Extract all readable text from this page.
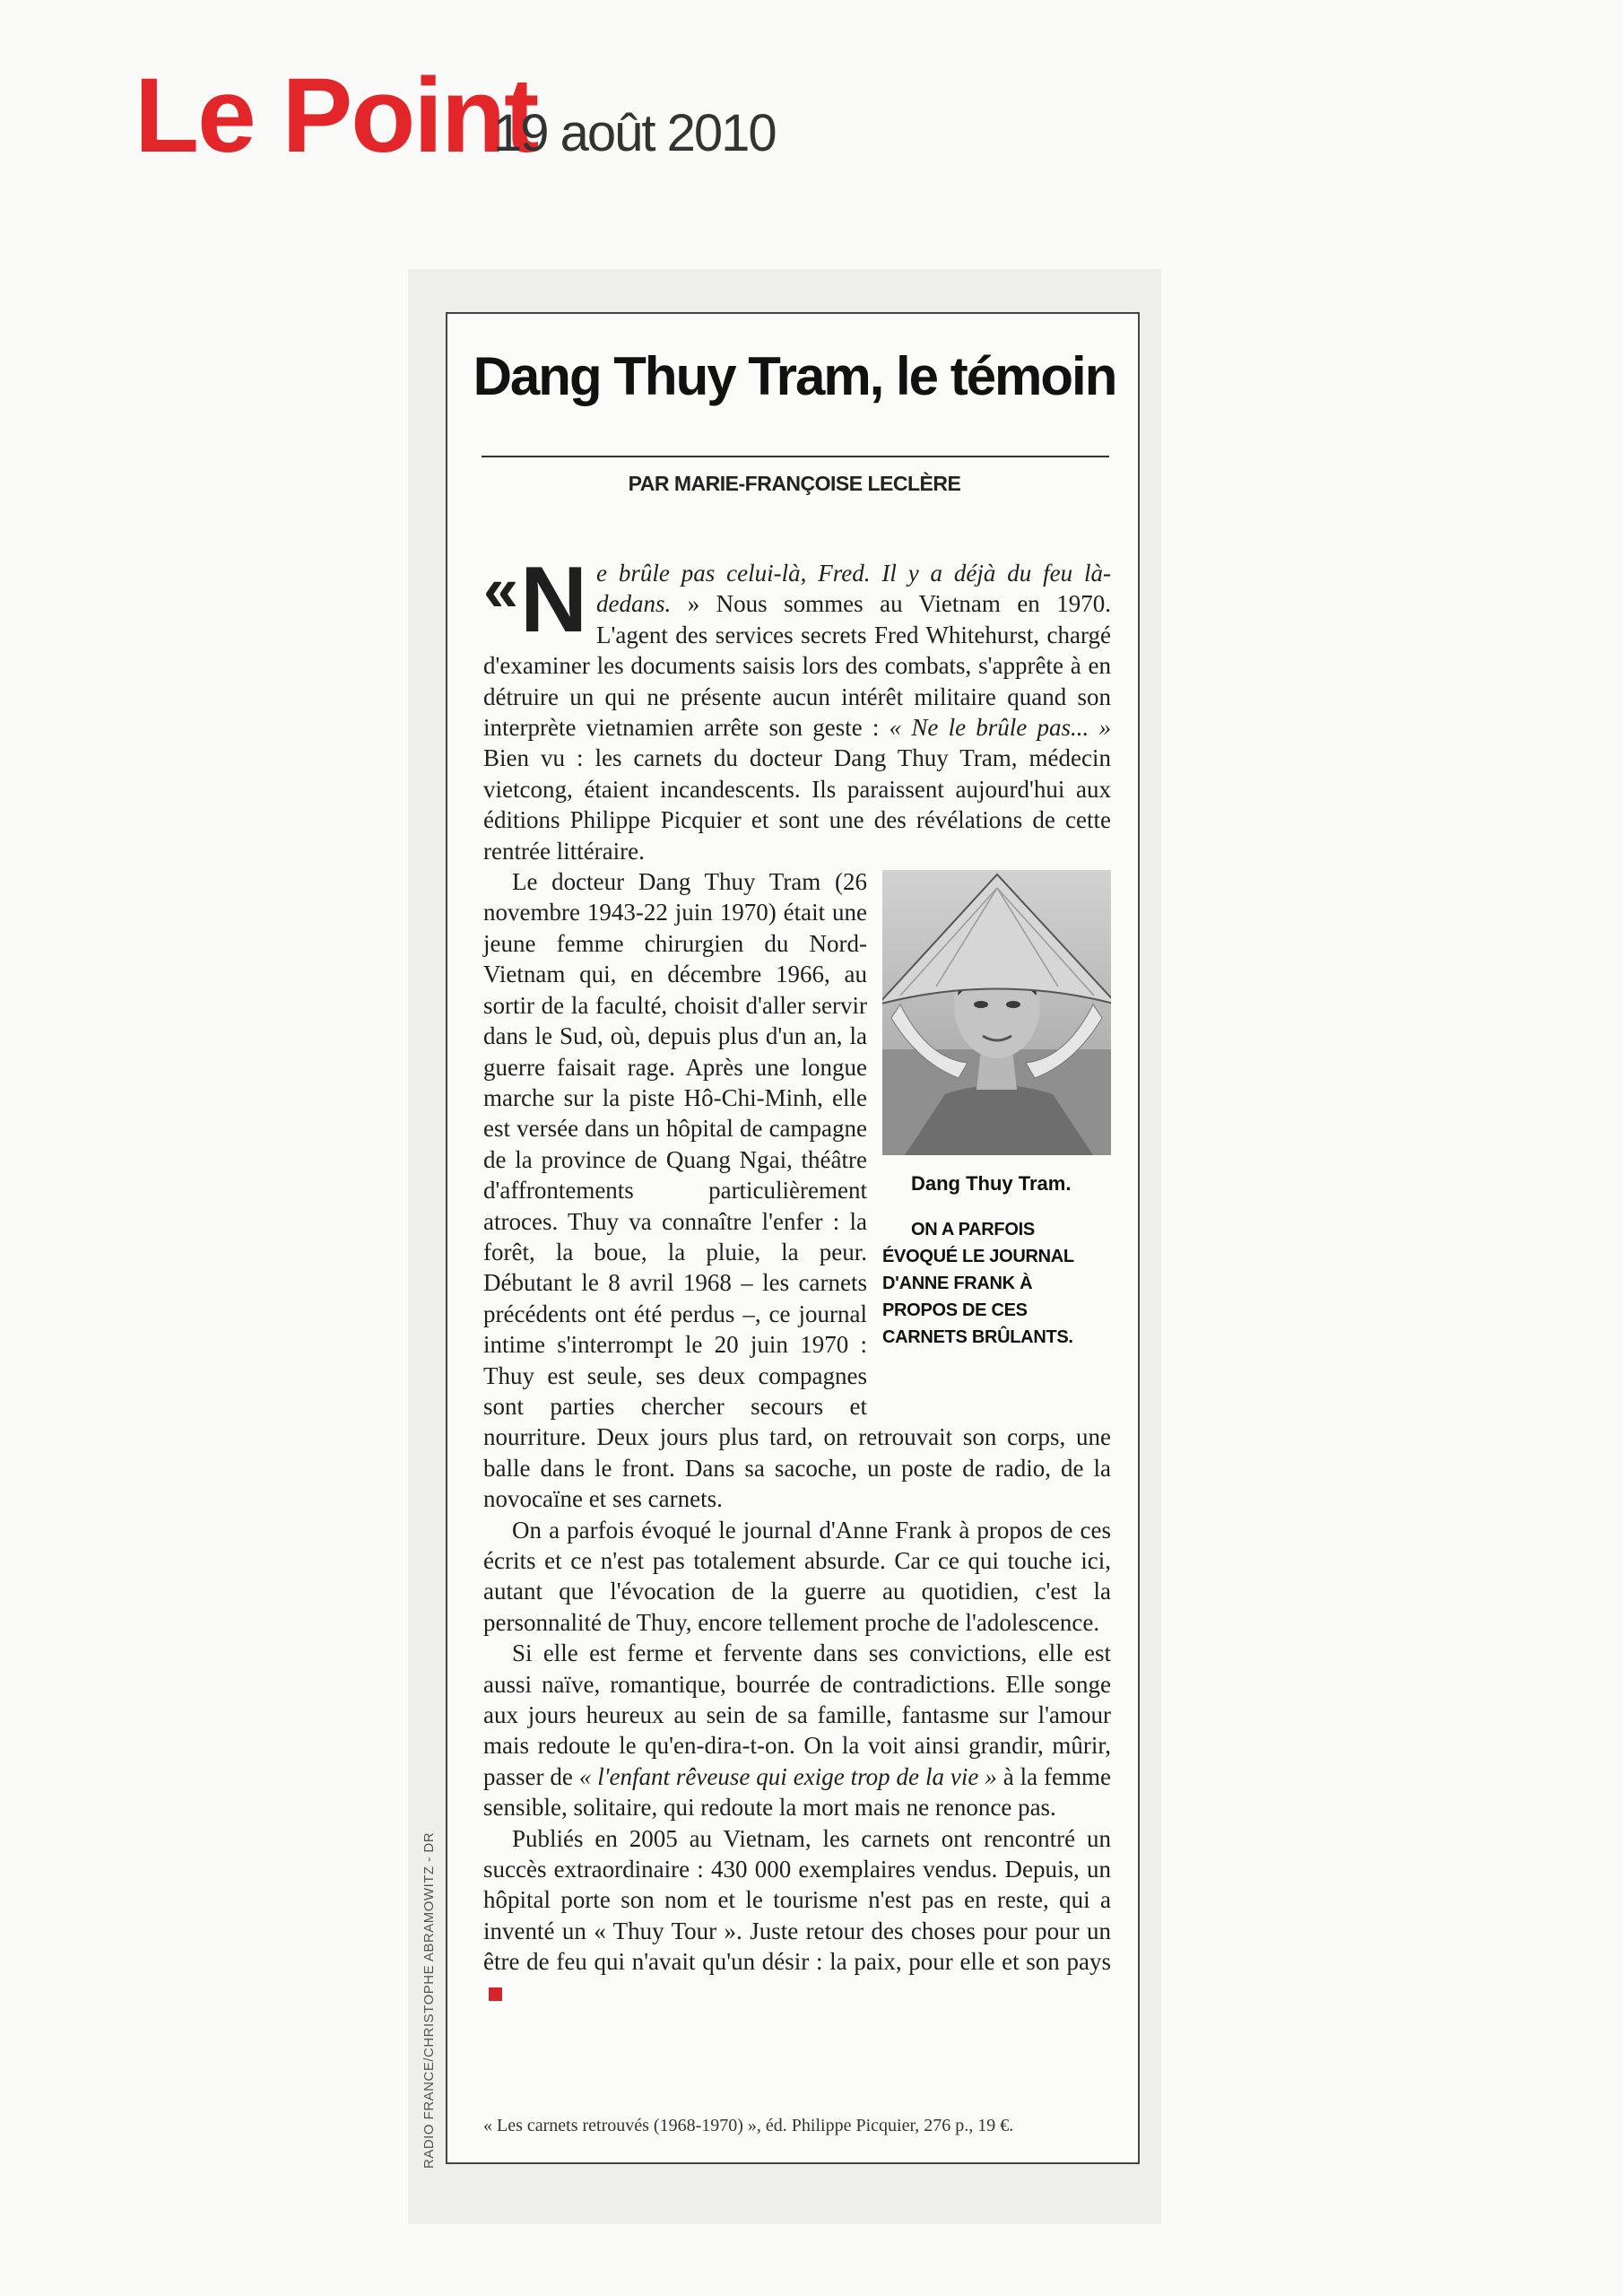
Le Point
19 août 2010
RADIO FRANCE/CHRISTOPHE ABRAMOWITZ - DR
Dang Thuy Tram, le témoin
PAR MARIE-FRANÇOISE LECLÈRE

«N e brûle pas celui-là, Fred. Il y a déjà du feu là-dedans. » Nous sommes au Vietnam en 1970. L'agent des services secrets Fred Whitehurst, chargé d'examiner les documents saisis lors des combats, s'apprête à en détruire un qui ne présente aucun intérêt militaire quand son interprète vietnamien arrête son geste : « Ne le brûle pas... » Bien vu : les carnets du docteur Dang Thuy Tram, médecin vietcong, étaient incandescents. Ils paraissent aujourd'hui aux éditions Philippe Picquier et sont une des révélations de cette rentrée littéraire.

Dang Thuy Tram.
ON A PARFOIS ÉVOQUÉ LE JOURNAL D'ANNE FRANK À PROPOS DE CES CARNETS BRÛLANTS.
Le docteur Dang Thuy Tram (26 novembre 1943-22 juin 1970) était une jeune femme chirurgien du Nord-Vietnam qui, en décembre 1966, au sortir de la faculté, choisit d'aller servir dans le Sud, où, depuis plus d'un an, la guerre faisait rage. Après une longue marche sur la piste Hô-Chi-Minh, elle est versée dans un hôpital de campagne de la province de Quang Ngai, théâtre d'affrontements particulièrement atroces. Thuy va connaître l'enfer : la forêt, la boue, la pluie, la peur. Débutant le 8 avril 1968 – les carnets précédents ont été perdus –, ce journal intime s'interrompt le 20 juin 1970 : Thuy est seule, ses deux compagnes sont parties chercher secours et nourriture. Deux jours plus tard, on retrouvait son corps, une balle dans le front. Dans sa sacoche, un poste de radio, de la novocaïne et ses carnets.

On a parfois évoqué le journal d'Anne Frank à propos de ces écrits et ce n'est pas totalement absurde. Car ce qui touche ici, autant que l'évocation de la guerre au quotidien, c'est la personnalité de Thuy, encore tellement proche de l'adolescence.

Si elle est ferme et fervente dans ses convictions, elle est aussi naïve, romantique, bourrée de contradictions. Elle songe aux jours heureux au sein de sa famille, fantasme sur l'amour mais redoute le qu'en-dira-t-on. On la voit ainsi grandir, mûrir, passer de « l'enfant rêveuse qui exige trop de la vie » à la femme sensible, solitaire, qui redoute la mort mais ne renonce pas.

Publiés en 2005 au Vietnam, les carnets ont rencontré un succès extraordinaire : 430 000 exemplaires vendus. Depuis, un hôpital porte son nom et le tourisme n'est pas en reste, qui a inventé un « Thuy Tour ». Juste retour des choses pour pour un être de feu qui n'avait qu'un désir : la paix, pour elle et son pays

« Les carnets retrouvés (1968-1970) », éd. Philippe Picquier, 276 p., 19 €.
